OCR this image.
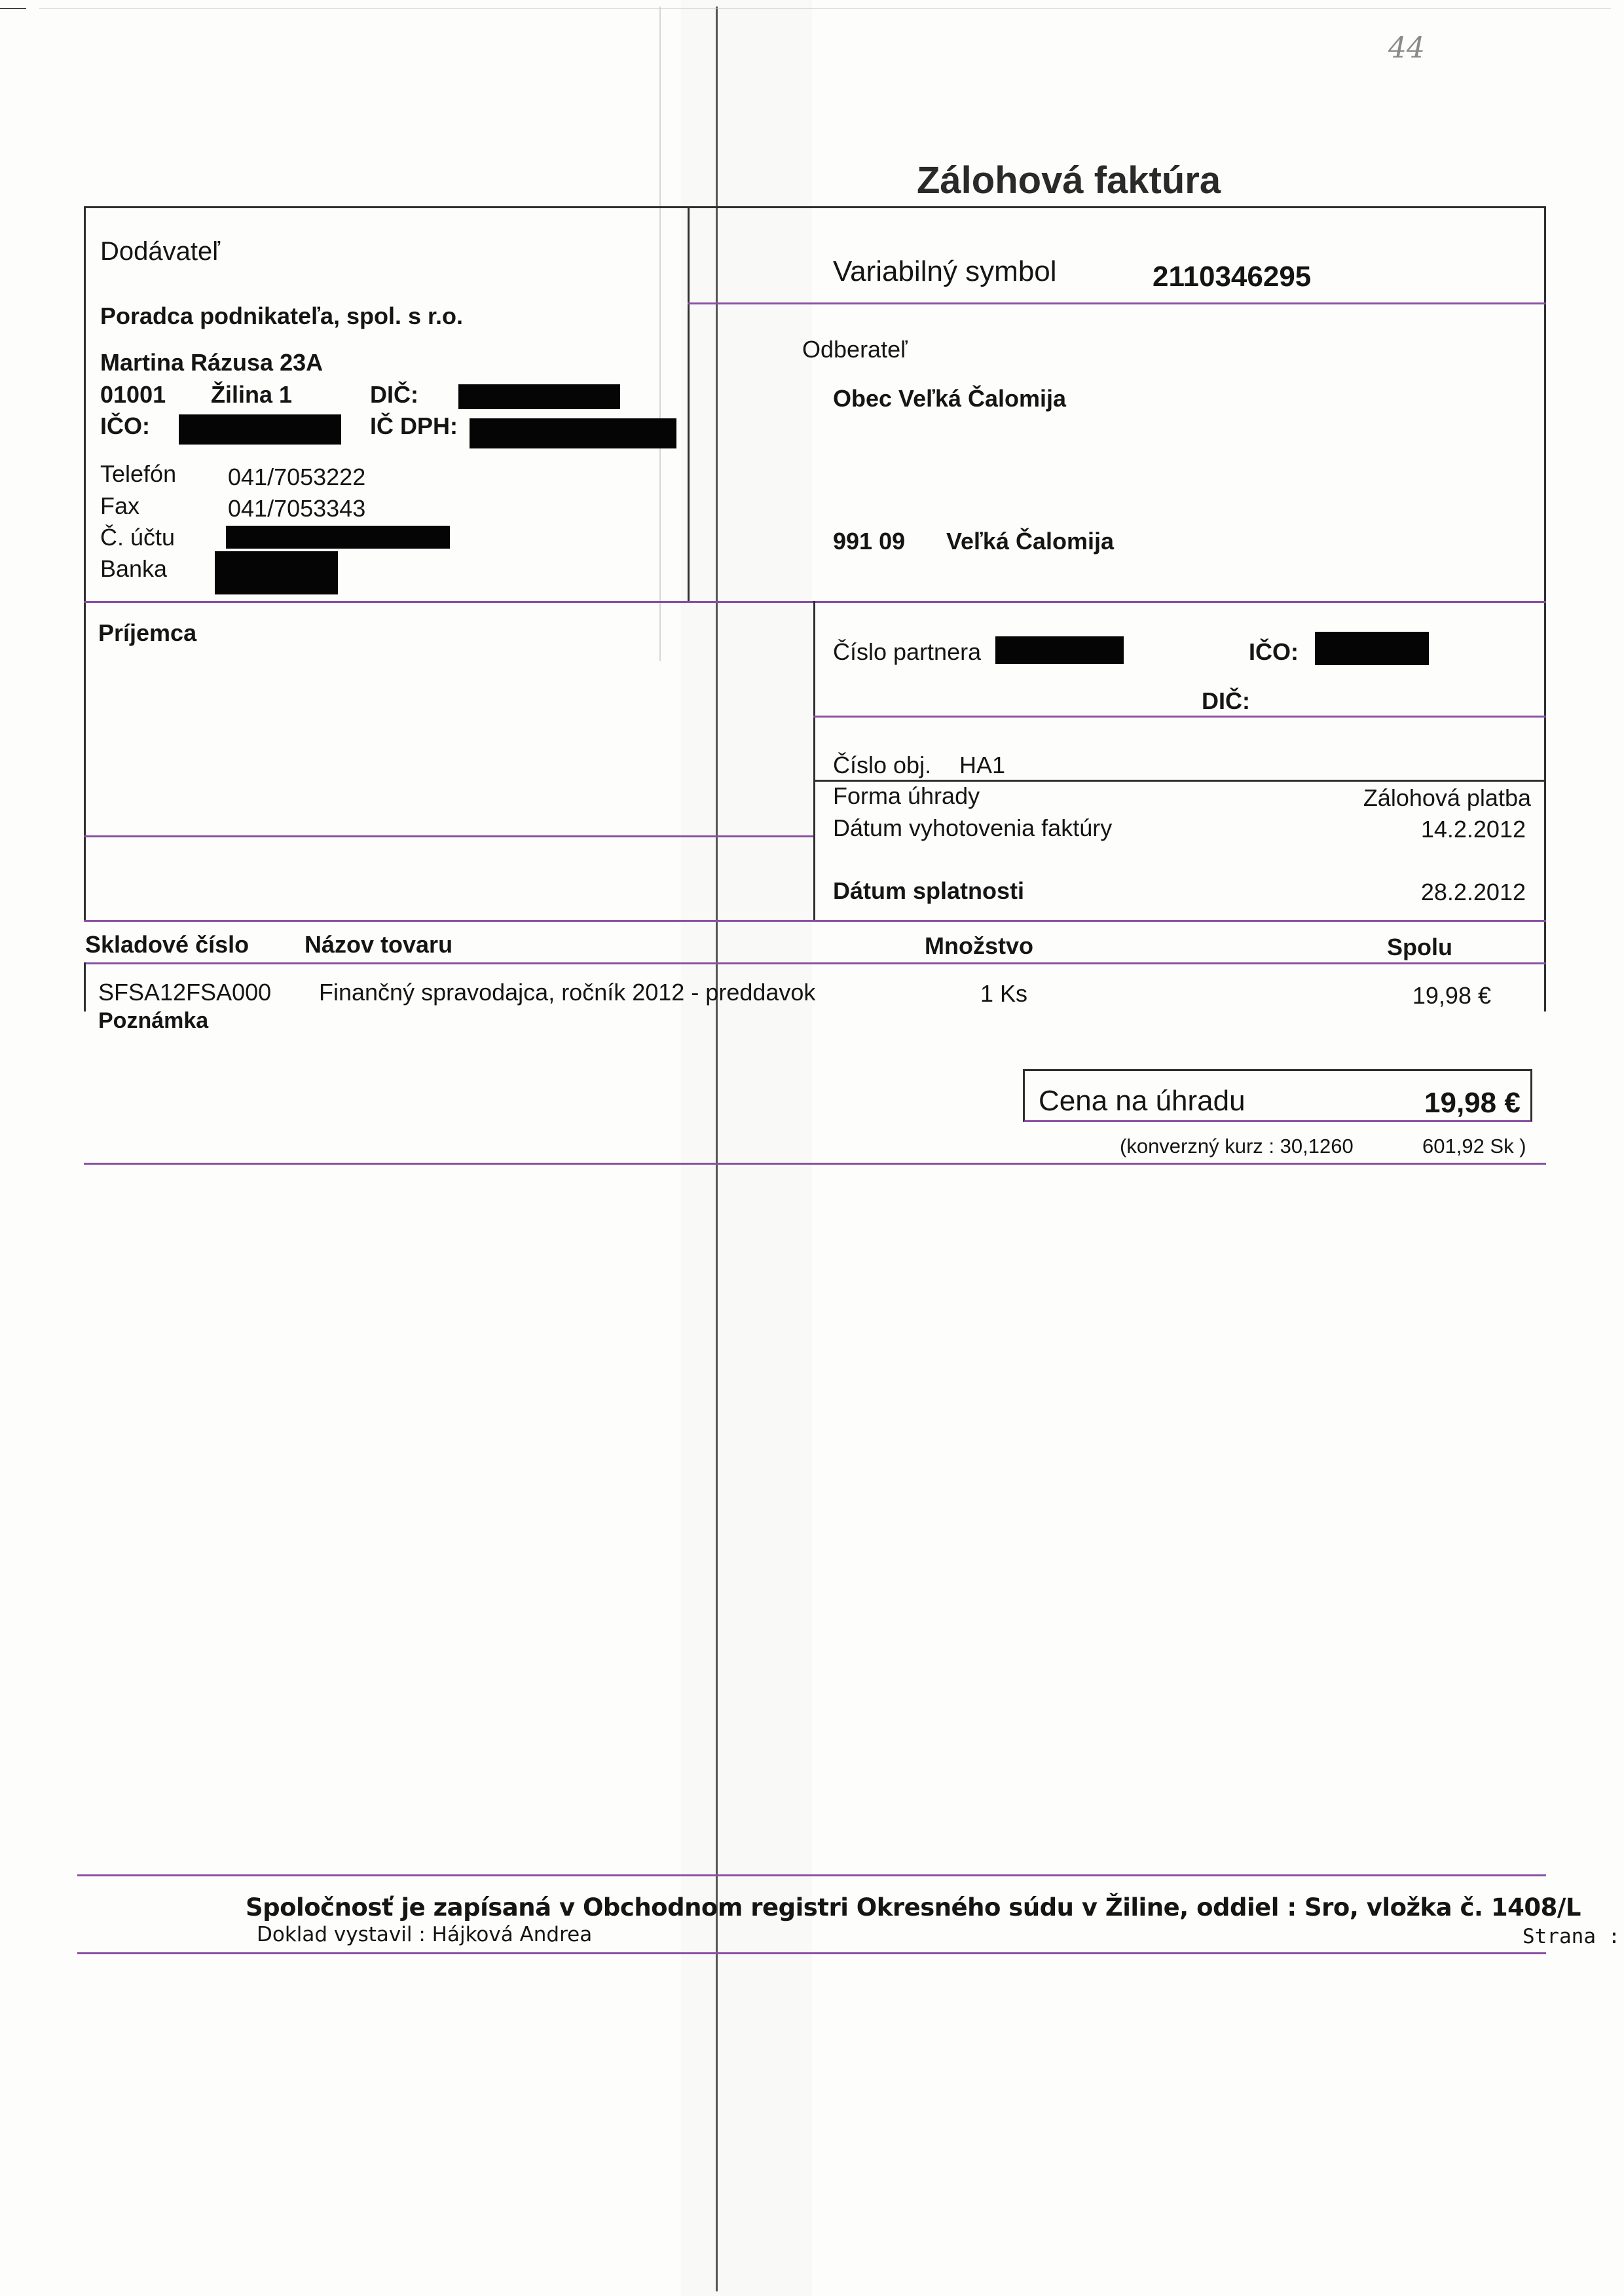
44
Zálohová faktúra
Dodávateľ
Poradca podnikateľa, spol. s r.o.
Martina Rázusa 23A
01001 Žilina 1	DIČ:
IČO:	IČ DPH:
Telefón 041/7053222
Fax	041/7053343
Č. účtu
Banka
Príjemca
Variabilný symbol	2110346295
Odberateľ
Obec Veľká Čalomija
991 09 Veľká Čalomija
Číslo partnera	IČO:
DIČ:
Číslo obj. HA1
Forma úhrady	Zálohová platba
Dátum vyhotovenia faktúry	14.2.2012
Dátum splatnosti	28.2.2012
Skladové číslo Názov tovaru	Množstvo	Spolu
SFSA12FSA000 Finančný spravodajca, ročník 2012 - preddavok	1 Ks	19,98 €
Poznámka
Cena na úhradu	19,98 €
(konverzný kurz : 30,1260	601,92 Sk )
Spoločnosť je zapísaná v Obchodnom registri Okresného súdu v Žiline, oddiel : Sro, vložka č. 1408/L
Doklad vystavil : Hájková Andrea	Strana :
